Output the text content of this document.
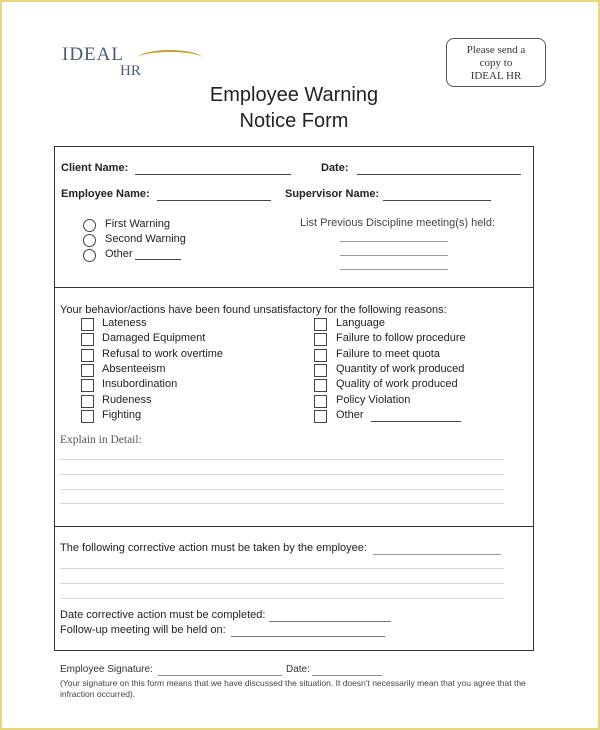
IDEAL
HR
Please send a
copy to
IDEAL HR
Employee Warning
Notice Form
Client Name:	Date:
Employee Name:	Supervisor Name:
First Warning
Second Warning
Other
List Previous Discipline meeting(s) held:
Your behavior/actions have been found unsatisfactory for the following reasons:
Lateness
Damaged Equipment
Refusal to work overtime
Absenteeism
Insubordination
Rudeness
Fighting
Language
Failure to follow procedure
Failure to meet quota
Quantity of work produced
Quality of work produced
Policy Violation
Other
Explain in Detail:
The following corrective action must be taken by the employee:
Date corrective action must be completed:
Follow-up meeting will be held on:
Employee Signature:	Date:
(Your signature on this form means that we have discussed the situation. It doesn't necessarily mean that you agree that the
infraction occurred).
